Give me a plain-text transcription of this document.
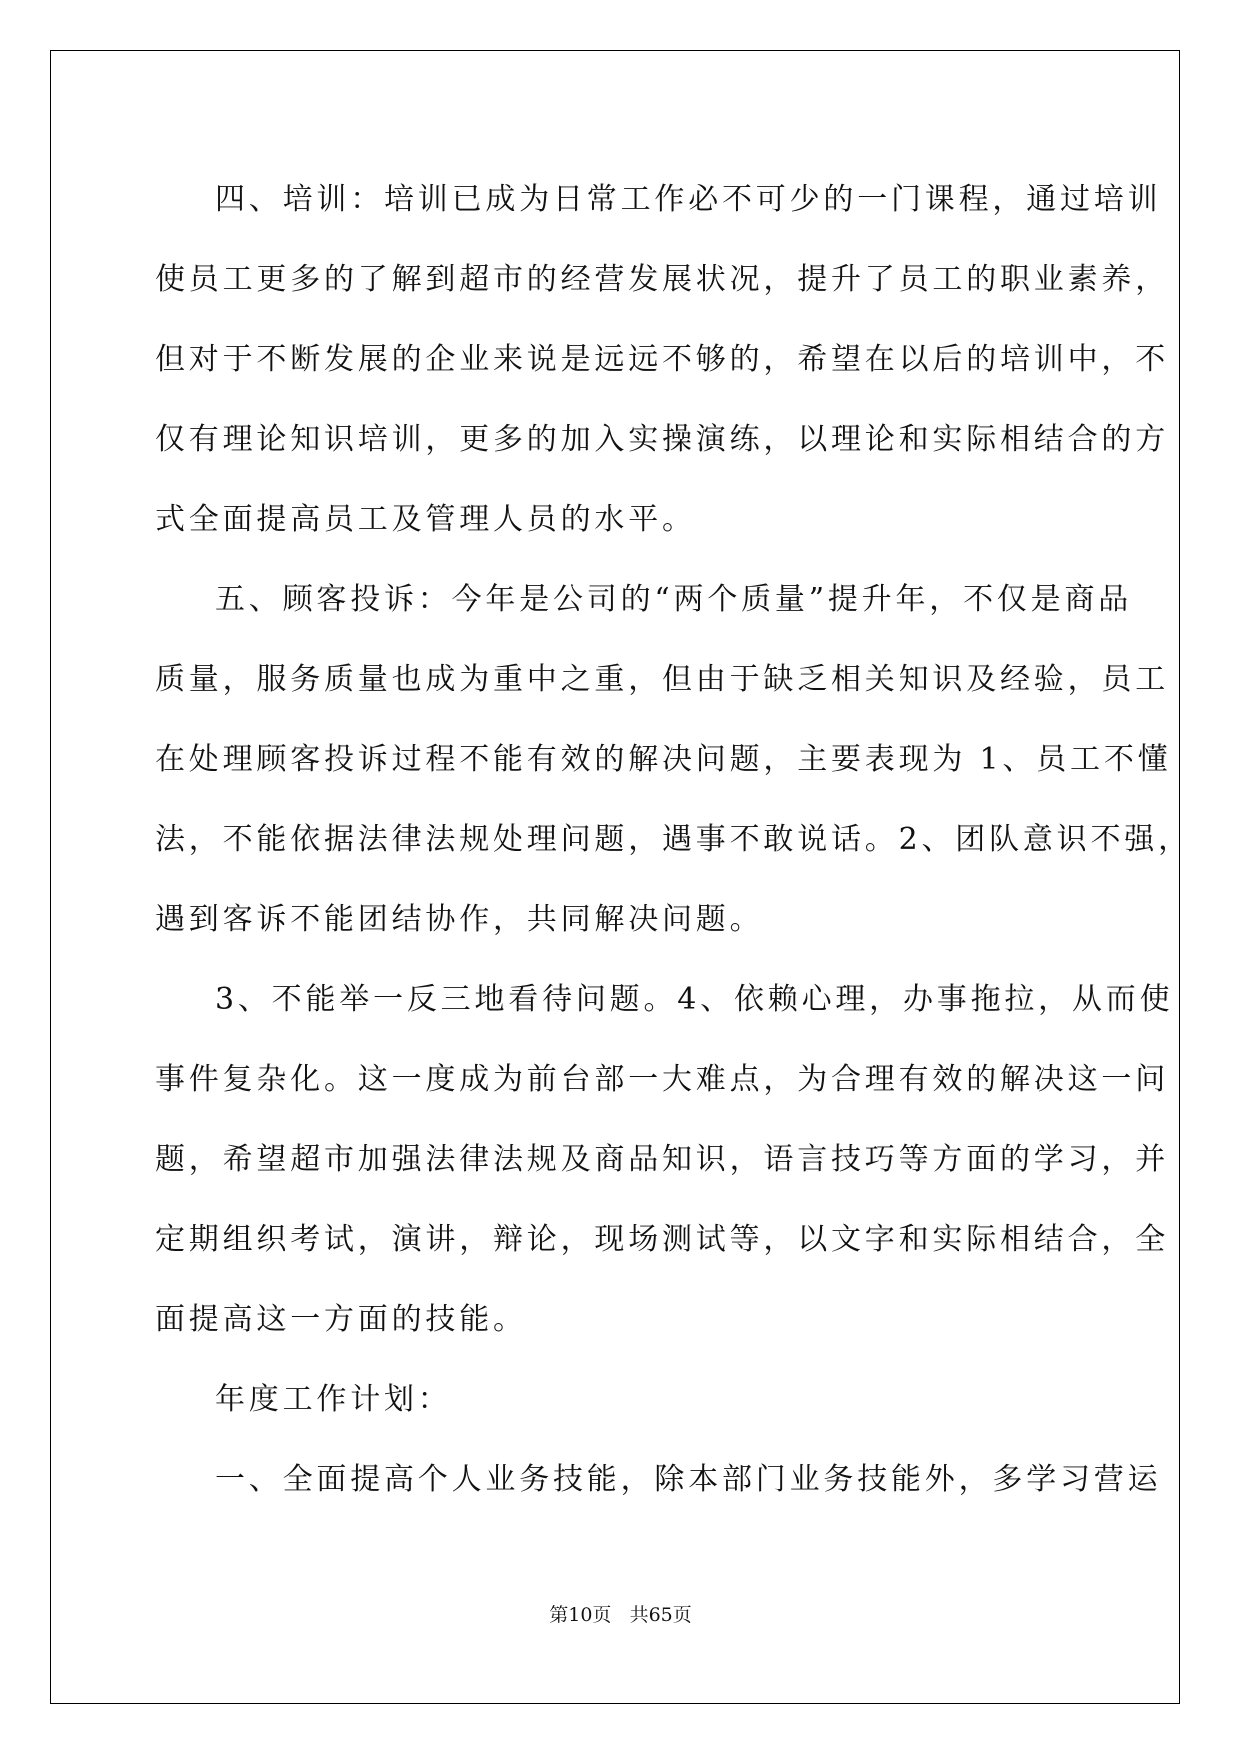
四、培训：培训已成为日常工作必不可少的一门课程，通过培训
使员工更多的了解到超市的经营发展状况，提升了员工的职业素养，
但对于不断发展的企业来说是远远不够的，希望在以后的培训中，不
仅有理论知识培训，更多的加入实操演练，以理论和实际相结合的方
式全面提高员工及管理人员的水平。
五、顾客投诉：今年是公司的“两个质量”提升年，不仅是商品
质量，服务质量也成为重中之重，但由于缺乏相关知识及经验，员工
在处理顾客投诉过程不能有效的解决问题，主要表现为 1、员工不懂
法，不能依据法律法规处理问题，遇事不敢说话。2、团队意识不强，
遇到客诉不能团结协作，共同解决问题。
3、不能举一反三地看待问题。4、依赖心理，办事拖拉，从而使
事件复杂化。这一度成为前台部一大难点，为合理有效的解决这一问
题，希望超市加强法律法规及商品知识，语言技巧等方面的学习，并
定期组织考试，演讲，辩论，现场测试等，以文字和实际相结合，全
面提高这一方面的技能。
年度工作计划：
一、全面提高个人业务技能，除本部门业务技能外，多学习营运
第10页 共65页
